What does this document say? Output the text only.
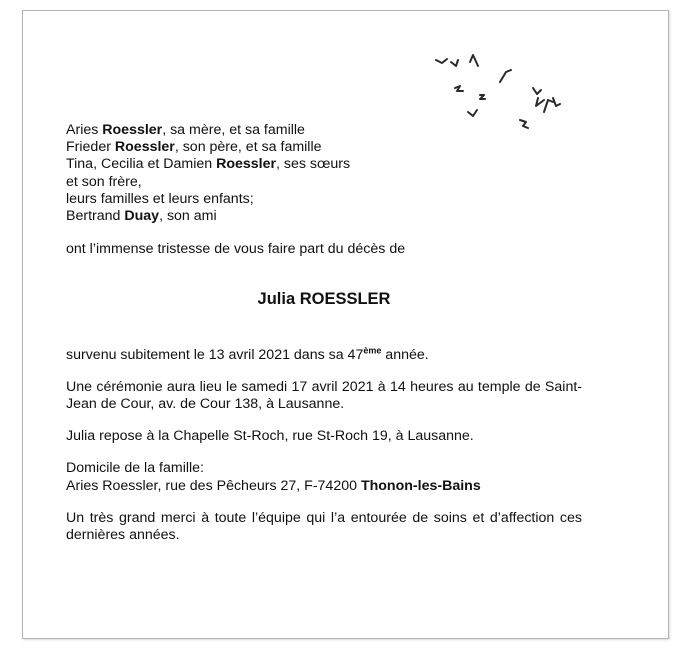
Aries Roessler, sa mère, et sa famille
Frieder Roessler, son père, et sa famille
Tina, Cecilia et Damien Roessler, ses sœurs
et son frère,
leurs familles et leurs enfants;
Bertrand Duay, son ami
ont l’immense tristesse de vous faire part du décès de
Julia ROESSLER
survenu subitement le 13 avril 2021 dans sa 47ème année.
Une cérémonie aura lieu le samedi 17 avril 2021 à 14 heures au temple de Saint-Jean de Cour, av. de Cour 138, à Lausanne.
Julia repose à la Chapelle St-Roch, rue St-Roch 19, à Lausanne.
Domicile de la famille:
Aries Roessler, rue des Pêcheurs 27, F-74200 Thonon-les-Bains
Un très grand merci à toute l’équipe qui l’a entourée de soins et d’affection ces dernières années.
